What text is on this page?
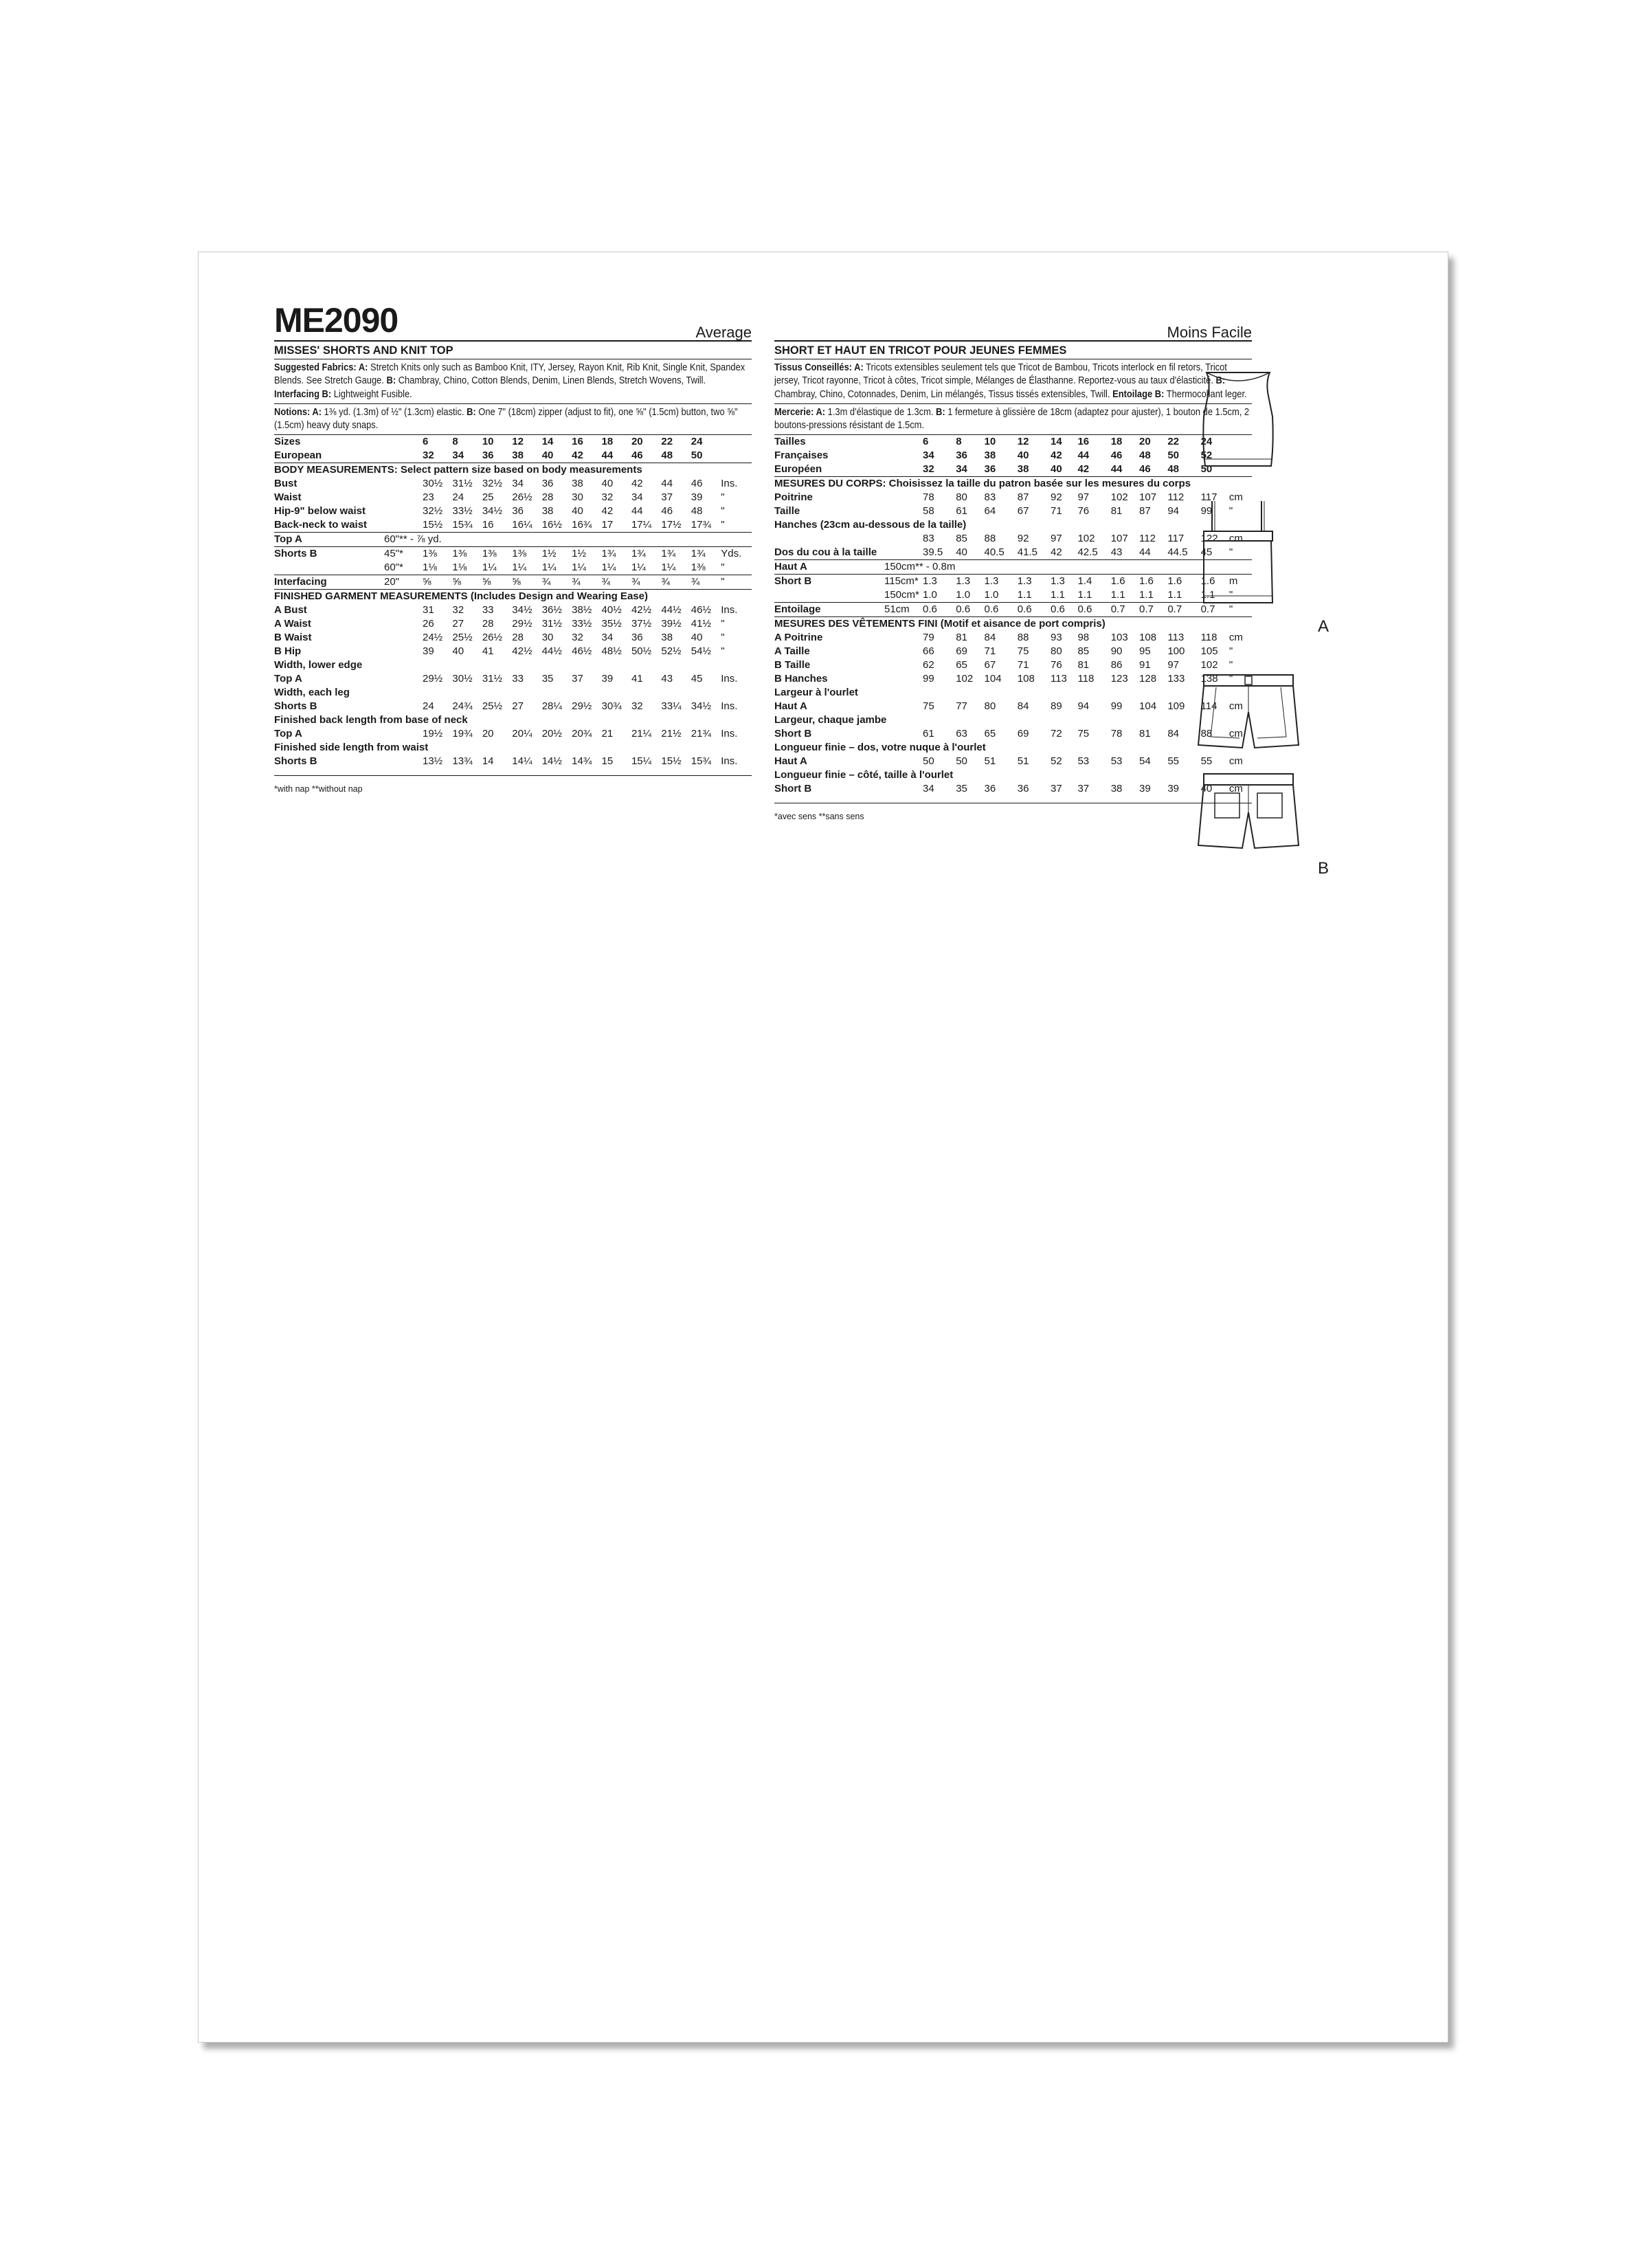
ME2090	Average
MISSES' SHORTS AND KNIT TOP

Suggested Fabrics: A: Stretch Knits only such as Bamboo Knit, ITY, Jersey, Rayon Knit, Rib Knit, Single Knit, Spandex Blends. See Stretch Gauge. B: Chambray, Chino, Cotton Blends, Denim, Linen Blends, Stretch Wovens, Twill. Interfacing B: Lightweight Fusible.

Notions: A: 1⅜ yd. (1.3m) of ½" (1.3cm) elastic. B: One 7" (18cm) zipper (adjust to fit), one ⅝" (1.5cm) button, two ⅝" (1.5cm) heavy duty snaps.

Sizes		6	8	10	12	14	16	18	20	22	24	
European		32	34	36	38	40	42	44	46	48	50	
BODY MEASUREMENTS: Select pattern size based on body measurements												
Bust		30½	31½	32½	34	36	38	40	42	44	46	Ins.
Waist		23	24	25	26½	28	30	32	34	37	39	"
Hip-9" below waist		32½	33½	34½	36	38	40	42	44	46	48	"
Back-neck to waist		15½	15¾	16	16¼	16½	16¾	17	17¼	17½	17¾	"
Top A	60"** - ⅞ yd.											
Shorts B	45"*	1⅜	1⅜	1⅜	1⅜	1½	1½	1¾	1¾	1¾	1¾	Yds.
	60"*	1⅛	1⅛	1¼	1¼	1¼	1¼	1¼	1¼	1¼	1⅜	"
Interfacing	20"	⅝	⅝	⅝	⅝	¾	¾	¾	¾	¾	¾	"
FINISHED GARMENT MEASUREMENTS (Includes Design and Wearing Ease)												
A Bust		31	32	33	34½	36½	38½	40½	42½	44½	46½	Ins.
A Waist		26	27	28	29½	31½	33½	35½	37½	39½	41½	"
B Waist		24½	25½	26½	28	30	32	34	36	38	40	"
B Hip		39	40	41	42½	44½	46½	48½	50½	52½	54½	"
Width, lower edge												
Top A		29½	30½	31½	33	35	37	39	41	43	45	Ins.
Width, each leg												
Shorts B		24	24¾	25½	27	28¼	29½	30¾	32	33¼	34½	Ins.
Finished back length from base of neck												
Top A		19½	19¾	20	20¼	20½	20¾	21	21¼	21½	21¾	Ins.
Finished side length from waist												
Shorts B		13½	13¾	14	14¼	14½	14¾	15	15¼	15½	15¾	Ins.
*with nap **without nap
Moins Facile
SHORT ET HAUT EN TRICOT POUR JEUNES FEMMES

Tissus Conseillés: A: Tricots extensibles seulement tels que Tricot de Bambou, Tricots interlock en fil retors, Tricot jersey, Tricot rayonne, Tricot à côtes, Tricot simple, Mélanges de Élasthanne. Reportez-vous au taux d'élasticité. B: Chambray, Chino, Cotonnades, Denim, Lin mélangés, Tissus tissés extensibles, Twill. Entoilage B: Thermocollant leger.

Mercerie: A: 1.3m d'élastique de 1.3cm. B: 1 fermeture à glissière de 18cm (adaptez pour ajuster), 1 bouton de 1.5cm, 2 boutons-pressions résistant de 1.5cm.

Tailles		6	8	10	12	14	16	18	20	22	24	
Françaises		34	36	38	40	42	44	46	48	50	52	
Européen		32	34	36	38	40	42	44	46	48	50	
MESURES DU CORPS: Choisissez la taille du patron basée sur les mesures du corps												
Poitrine		78	80	83	87	92	97	102	107	112	117	cm
Taille		58	61	64	67	71	76	81	87	94	99	"
Hanches (23cm au-dessous de la taille)												
		83	85	88	92	97	102	107	112	117	122	cm
Dos du cou à la taille		39.5	40	40.5	41.5	42	42.5	43	44	44.5	45	"
Haut A	150cm** - 0.8m											
Short B	115cm*	1.3	1.3	1.3	1.3	1.3	1.4	1.6	1.6	1.6	1.6	m
	150cm*	1.0	1.0	1.0	1.1	1.1	1.1	1.1	1.1	1.1	1.1	"
Entoilage	51cm	0.6	0.6	0.6	0.6	0.6	0.6	0.7	0.7	0.7	0.7	"
MESURES DES VÊTEMENTS FINI (Motif et aisance de port compris)												
A Poitrine		79	81	84	88	93	98	103	108	113	118	cm
A Taille		66	69	71	75	80	85	90	95	100	105	"
B Taille		62	65	67	71	76	81	86	91	97	102	"
B Hanches		99	102	104	108	113	118	123	128	133	138	"
Largeur à l'ourlet												
Haut A		75	77	80	84	89	94	99	104	109	114	cm
Largeur, chaque jambe												
Short B		61	63	65	69	72	75	78	81	84	88	cm
Longueur finie – dos, votre nuque à l'ourlet												
Haut A		50	50	51	51	52	53	53	54	55	55	cm
Longueur finie – côté, taille à l'ourlet												
Short B		34	35	36	36	37	37	38	39	39	40	cm
*avec sens **sans sens
A
B
